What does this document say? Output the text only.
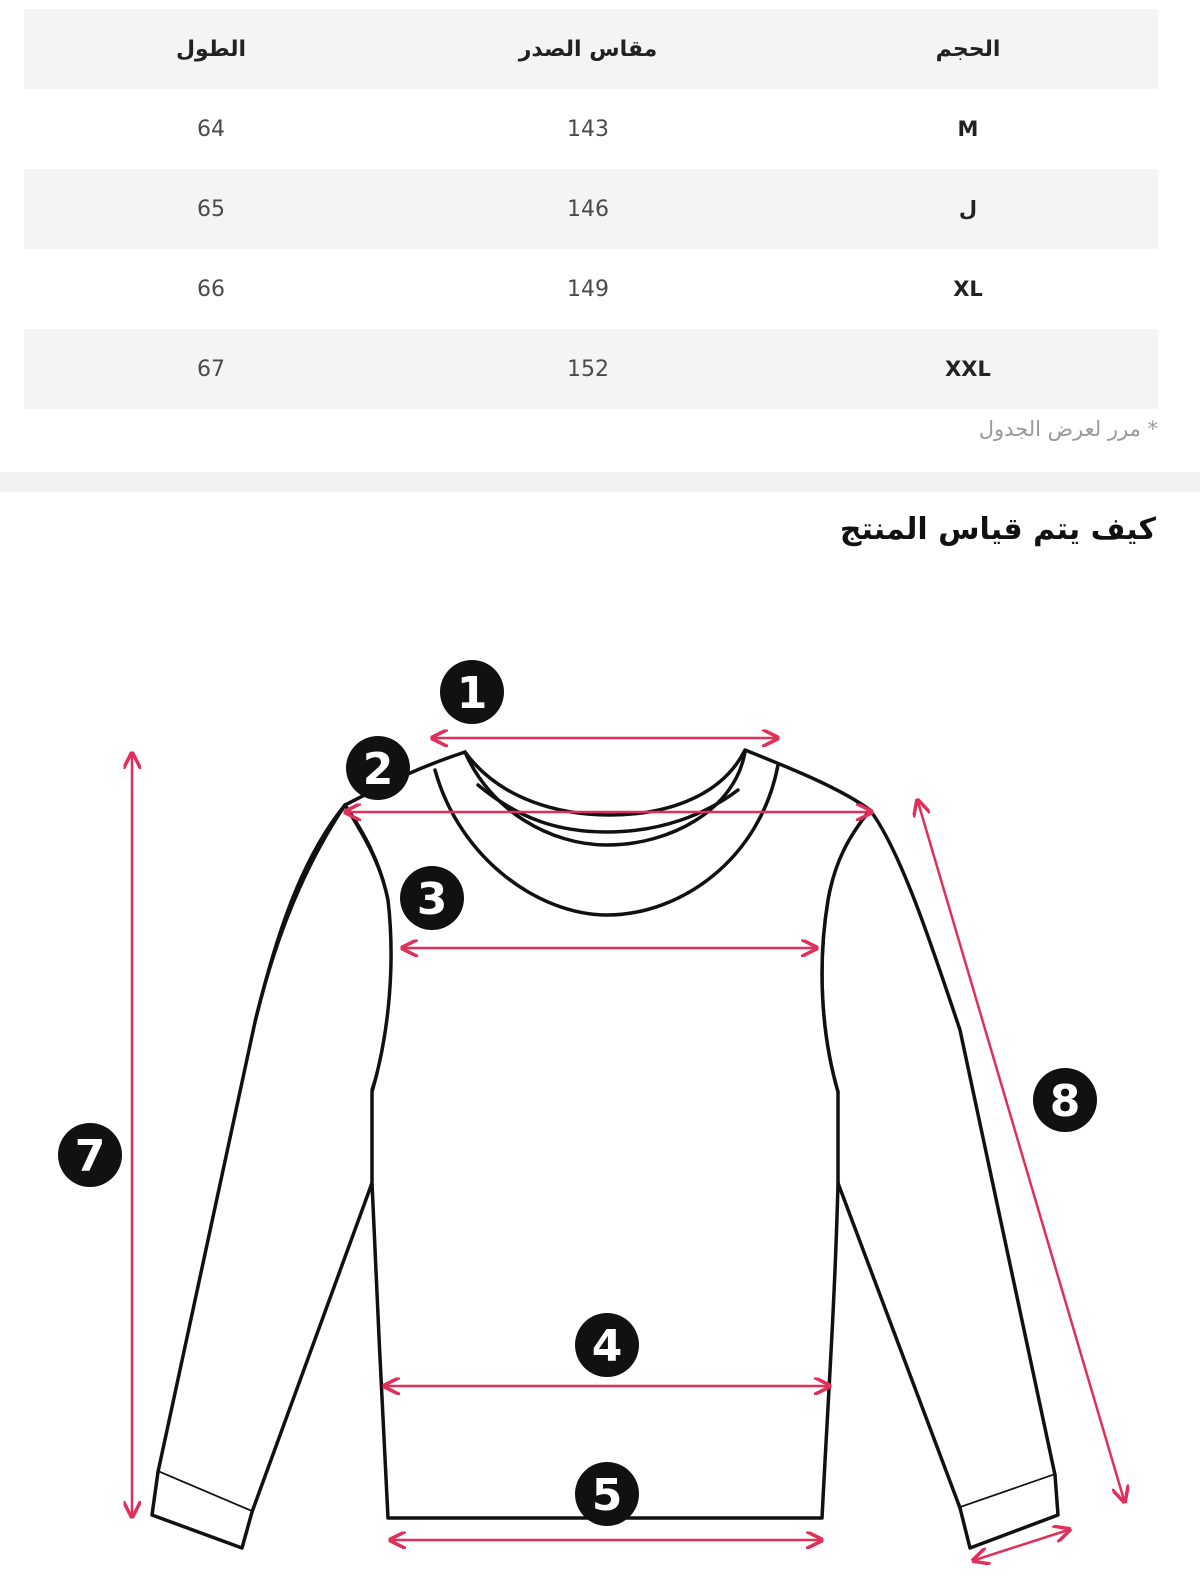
الحجم	مقاس الصدر	الطول
M	143	64
ل	146	65
XL	149	66
XXL	152	67
* مرر لعرض الجدول
كيف يتم قياس المنتج
1
2
3
4
5
7
8
